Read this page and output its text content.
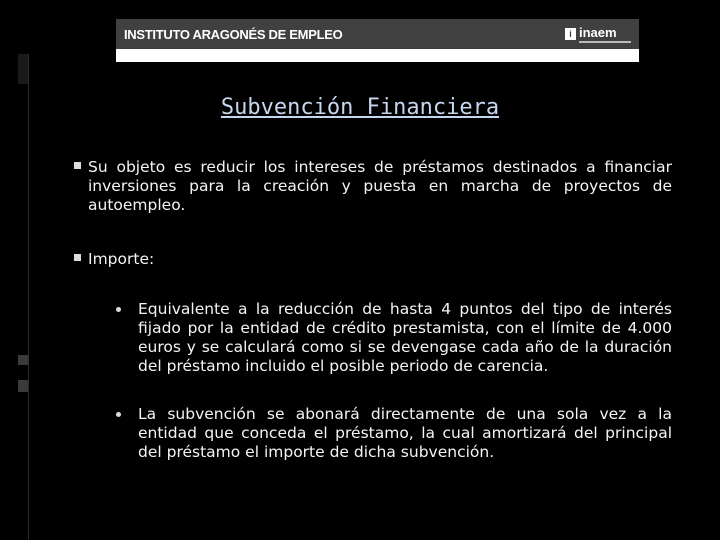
INSTITUTO ARAGONÉS DE EMPLEO	i inaem
Subvención Financiera
Su objeto es reducir los intereses de préstamos destinados a financiar inversiones para la creación y puesta en marcha de proyectos de autoempleo.
Importe:
Equivalente a la reducción de hasta 4 puntos del tipo de interés fijado por la entidad de crédito prestamista, con el límite de 4.000 euros y se calculará como si se devengase cada año de la duración del préstamo incluido el posible periodo de carencia.
La subvención se abonará directamente de una sola vez a la entidad que conceda el préstamo, la cual amortizará del principal del préstamo el importe de dicha subvención.
